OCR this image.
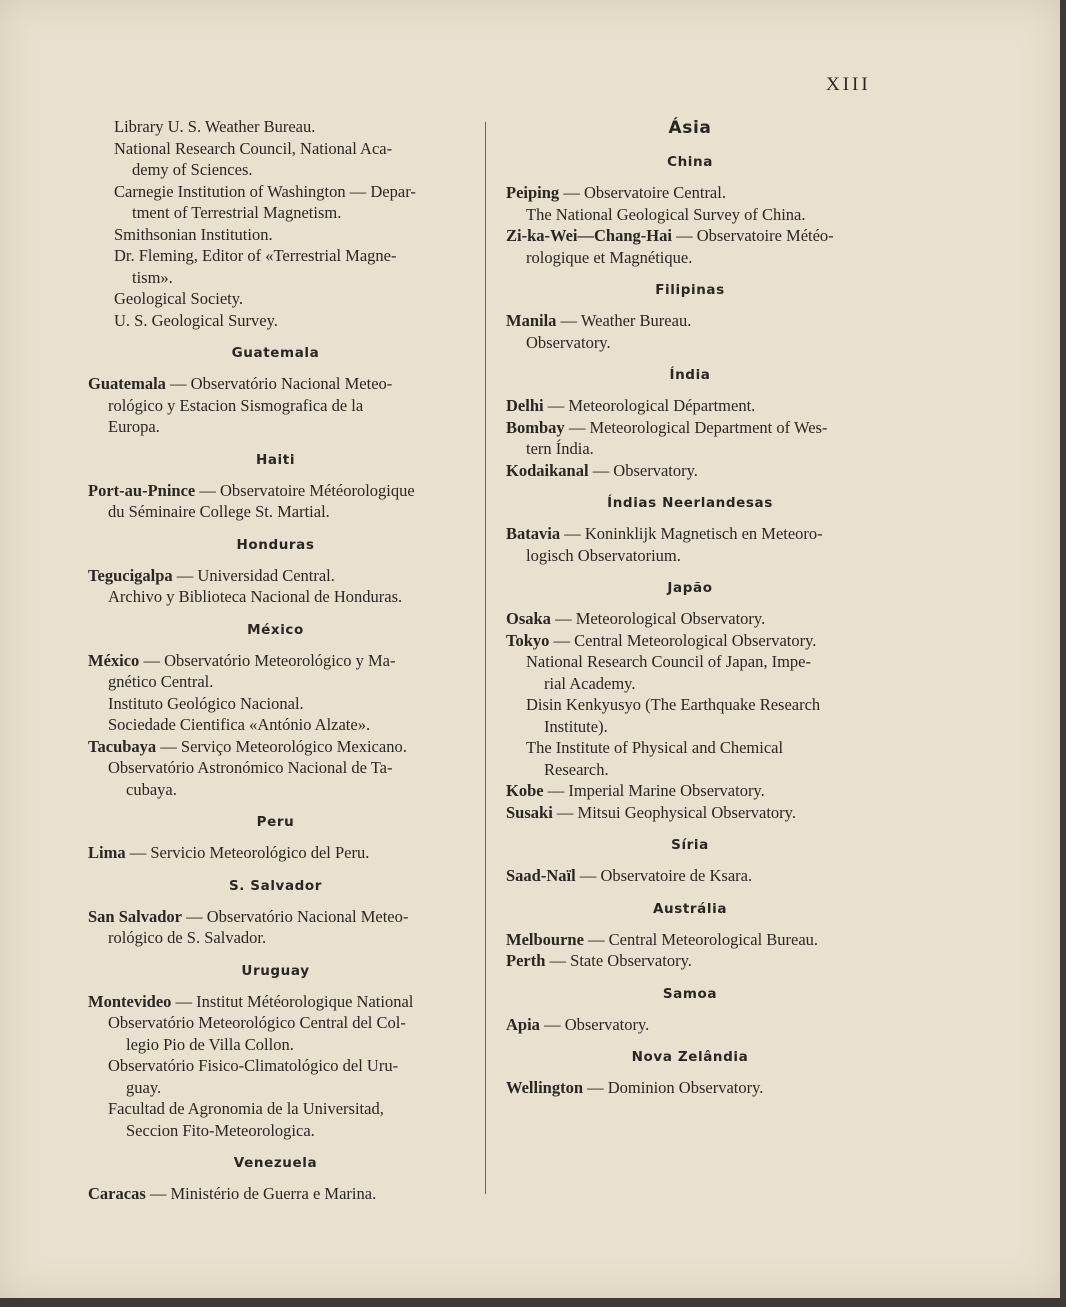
XIII
Library U. S. Weather Bureau.
National Research Council, National Aca-
demy of Sciences.
Carnegie Institution of Washington — Depar-
tment of Terrestrial Magnetism.
Smithsonian Institution.
Dr. Fleming, Editor of «Terrestrial Magne-
tism».
Geological Society.
U. S. Geological Survey.
Guatemala
Guatemala — Observatório Nacional Meteo-
rológico y Estacion Sismografica de la
Europa.
Haiti
Port-au-Pnince — Observatoire Météorologique
du Séminaire College St. Martial.
Honduras
Tegucigalpa — Universidad Central.
Archivo y Biblioteca Nacional de Honduras.
México
México — Observatório Meteorológico y Ma-
gnético Central.
Instituto Geológico Nacional.
Sociedade Cientifica «António Alzate».
Tacubaya — Serviço Meteorológico Mexicano.
Observatório Astronómico Nacional de Ta-
cubaya.
Peru
Lima — Servicio Meteorológico del Peru.
S. Salvador
San Salvador — Observatório Nacional Meteo-
rológico de S. Salvador.
Uruguay
Montevideo — Institut Météorologique National
Observatório Meteorológico Central del Col-
legio Pio de Villa Collon.
Observatório Fisico-Climatológico del Uru-
guay.
Facultad de Agronomia de la Universitad,
Seccion Fito-Meteorologica.
Venezuela
Caracas — Ministério de Guerra e Marina.
Ásia
China
Peiping — Observatoire Central.
The National Geological Survey of China.
Zi-ka-Wei—Chang-Hai — Observatoire Météo-
rologique et Magnétique.
Filipinas
Manila — Weather Bureau.
Observatory.
Índia
Delhi — Meteorological Départment.
Bombay — Meteorological Department of Wes-
tern Índia.
Kodaikanal — Observatory.
Índias Neerlandesas
Batavia — Koninklijk Magnetisch en Meteoro-
logisch Observatorium.
Japão
Osaka — Meteorological Observatory.
Tokyo — Central Meteorological Observatory.
National Research Council of Japan, Impe-
rial Academy.
Disin Kenkyusyo (The Earthquake Research
Institute).
The Institute of Physical and Chemical
Research.
Kobe — Imperial Marine Observatory.
Susaki — Mitsui Geophysical Observatory.
Síria
Saad-Naïl — Observatoire de Ksara.
Austrália
Melbourne — Central Meteorological Bureau.
Perth — State Observatory.
Samoa
Apia — Observatory.
Nova Zelândia
Wellington — Dominion Observatory.
